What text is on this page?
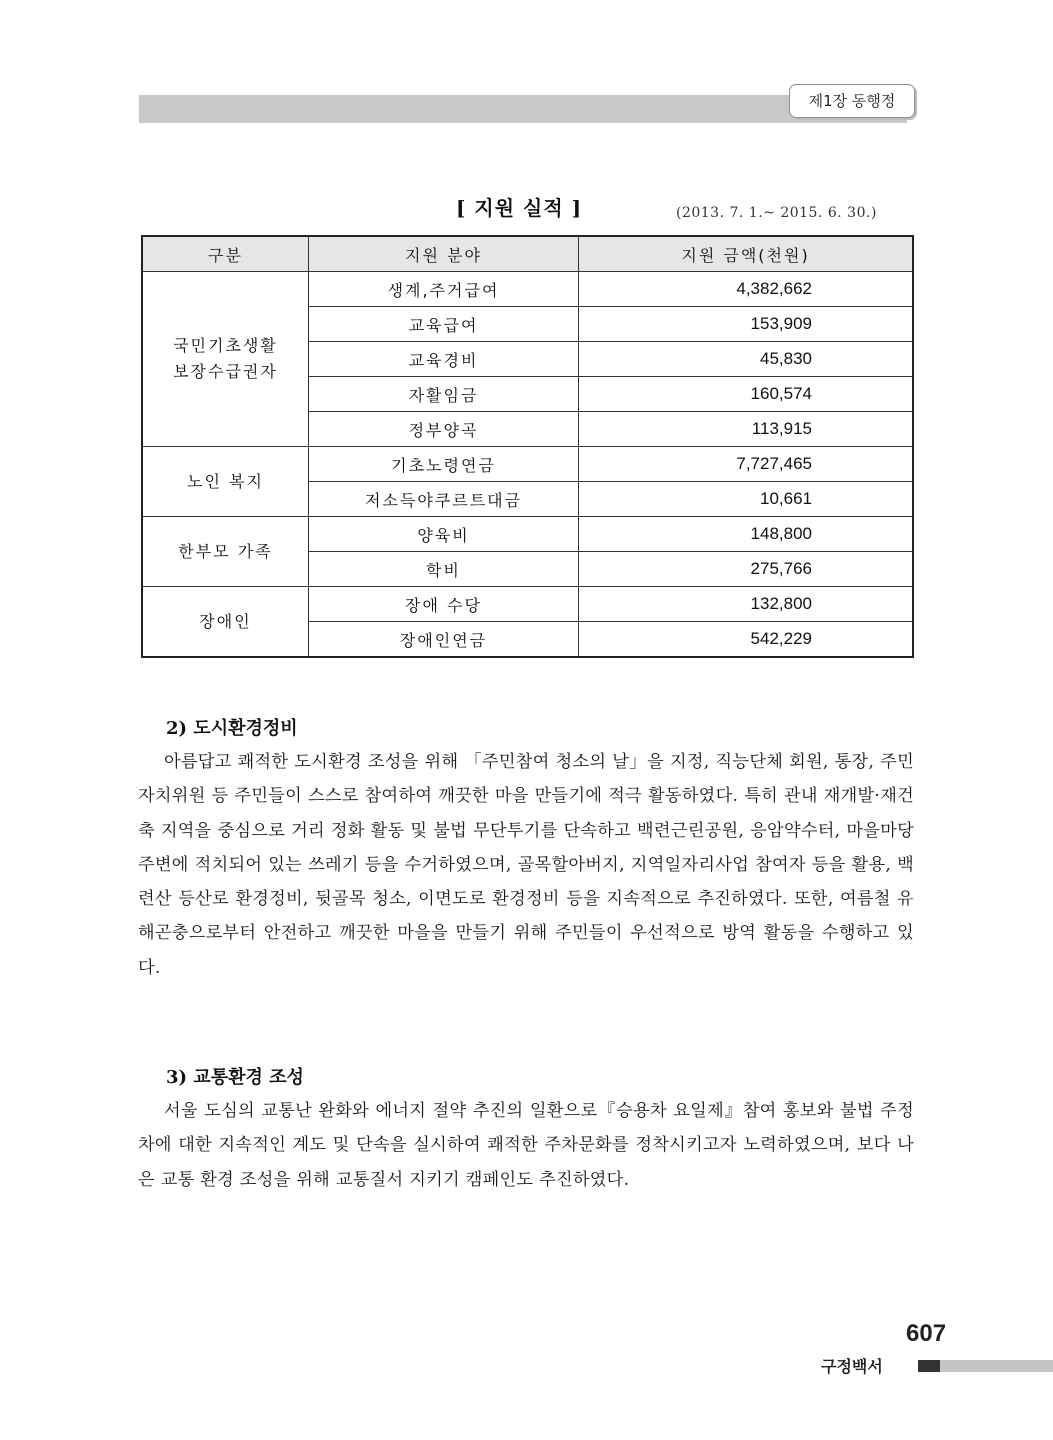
제1장 동행정
[ 지원 실적 ]	(2013. 7. 1.~ 2015. 6. 30.)
구분	지원 분야	지원 금액(천원)

국민기초생활
보장수급권자	생계,주거급여	4,382,662
	교육급여	153,909
	교육경비	45,830
	자활임금	160,574
	정부양곡	113,915
노인 복지	기초노령연금	7,727,465
	저소득야쿠르트대금	10,661
한부모 가족	양육비	148,800
	학비	275,766
장애인	장애 수당	132,800
	장애인연금	542,229
2) 도시환경정비

아름답고 쾌적한 도시환경 조성을 위해 「주민참여 청소의 날」을 지정, 직능단체 회원, 통장, 주민자치위원 등 주민들이 스스로 참여하여 깨끗한 마을 만들기에 적극 활동하였다. 특히 관내 재개발·재건축 지역을 중심으로 거리 정화 활동 및 불법 무단투기를 단속하고 백련근린공원, 응암약수터, 마을마당 주변에 적치되어 있는 쓰레기 등을 수거하였으며, 골목할아버지, 지역일자리사업 참여자 등을 활용, 백련산 등산로 환경정비, 뒷골목 청소, 이면도로 환경정비 등을 지속적으로 추진하였다. 또한, 여름철 유해곤충으로부터 안전하고 깨끗한 마을을 만들기 위해 주민들이 우선적으로 방역 활동을 수행하고 있다.

3) 교통환경 조성

서울 도심의 교통난 완화와 에너지 절약 추진의 일환으로『승용차 요일제』참여 홍보와 불법 주정차에 대한 지속적인 계도 및 단속을 실시하여 쾌적한 주차문화를 정착시키고자 노력하였으며, 보다 나은 교통 환경 조성을 위해 교통질서 지키기 캠페인도 추진하였다.

607
구정백서
